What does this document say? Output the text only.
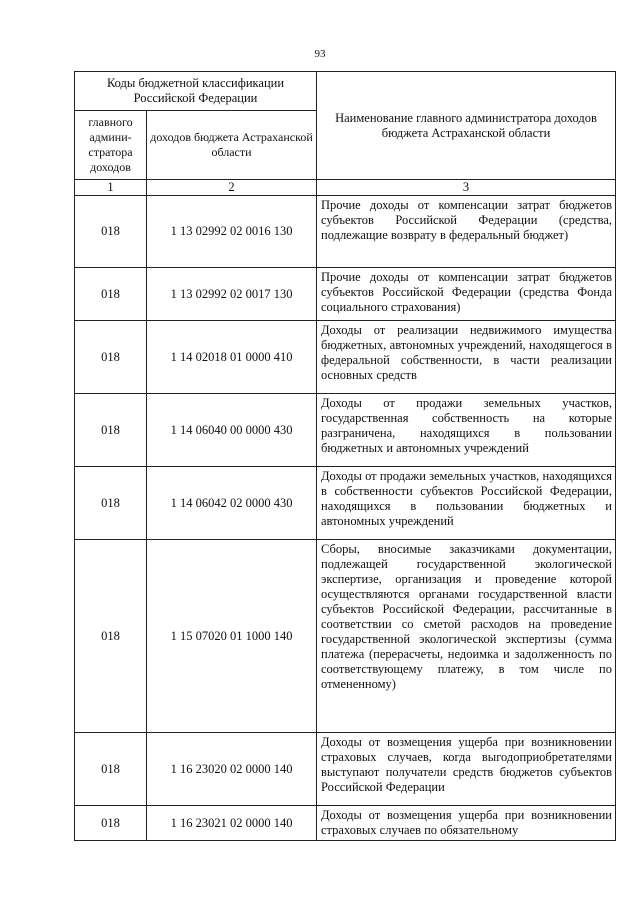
93
Коды бюджетной классификации Российской Федерации		Наименование главного администратора доходов бюджета Астраханской области
главного админи-стратора доходов	доходов бюджета Астраханской области	
1	2	3
018	1 13 02992 02 0016 130	Прочие доходы от компенсации затрат бюджетов субъектов Российской Федерации (средства, подлежащие возврату в федеральный бюджет)
018	1 13 02992 02 0017 130	Прочие доходы от компенсации затрат бюджетов субъектов Российской Федерации (средства Фонда социального страхования)
018	1 14 02018 01 0000 410	Доходы от реализации недвижимого имущества бюджетных, автономных учреждений, находящегося в федеральной собственности, в части реализации основных средств
018	1 14 06040 00 0000 430	Доходы от продажи земельных участков, государственная собственность на которые разграничена, находящихся в пользовании бюджетных и автономных учреждений
018	1 14 06042 02 0000 430	Доходы от продажи земельных участков, находящихся в собственности субъектов Российской Федерации, находящихся в пользовании бюджетных и автономных учреждений
018	1 15 07020 01 1000 140	Сборы, вносимые заказчиками документации, подлежащей государственной экологической экспертизе, организация и проведение которой осуществляются органами государственной власти субъектов Российской Федерации, рассчитанные в соответствии со сметой расходов на проведение государственной экологической экспертизы (сумма платежа (перерасчеты, недоимка и задолженность по соответствующему платежу, в том числе по отмененному)
018	1 16 23020 02 0000 140	Доходы от возмещения ущерба при возникновении страховых случаев, когда выгодоприобретателями выступают получатели средств бюджетов субъектов Российской Федерации
018	1 16 23021 02 0000 140	Доходы от возмещения ущерба при возникновении страховых случаев по обязательному
